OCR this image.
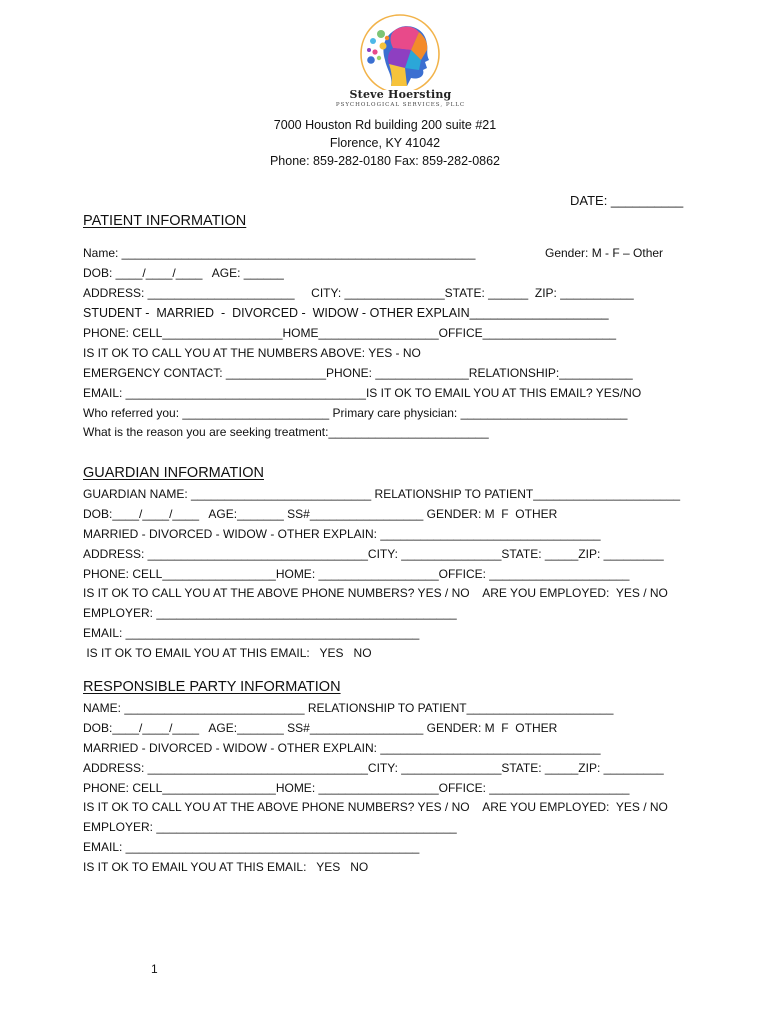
Steve Hoersting
PSYCHOLOGICAL SERVICES, PLLC
7000 Houston Rd building 200 suite #21
Florence, KY 41042
Phone: 859-282-0180 Fax: 859-282-0862
DATE: __________
PATIENT INFORMATION
Name: _____________________________________________________	Gender: M - F – Other
DOB: ____/____/____   AGE: ______
ADDRESS: ______________________     CITY: _______________STATE: ______  ZIP: ___________
STUDENT -  MARRIED  -  DIVORCED -  WIDOW - OTHER EXPLAIN____________________
PHONE: CELL__________________HOME__________________OFFICE____________________
IS IT OK TO CALL YOU AT THE NUMBERS ABOVE: YES - NO
EMERGENCY CONTACT: _______________PHONE: ______________RELATIONSHIP:___________
EMAIL: ____________________________________IS IT OK TO EMAIL YOU AT THIS EMAIL? YES/NO
Who referred you: ______________________ Primary care physician: _________________________
What is the reason you are seeking treatment:________________________
GUARDIAN INFORMATION
GUARDIAN NAME: ___________________________ RELATIONSHIP TO PATIENT______________________
DOB:____/____/____   AGE:_______ SS#_________________ GENDER: M  F  OTHER
MARRIED - DIVORCED - WIDOW - OTHER EXPLAIN: _________________________________
ADDRESS: _________________________________CITY: _______________STATE: _____ZIP: _________
PHONE: CELL_________________HOME: __________________OFFICE: _____________________
IS IT OK TO CALL YOU AT THE ABOVE PHONE NUMBERS? YES / NO    ARE YOU EMPLOYED:  YES / NO
EMPLOYER: _____________________________________________
EMAIL: ____________________________________________
IS IT OK TO EMAIL YOU AT THIS EMAIL:   YES   NO
RESPONSIBLE PARTY INFORMATION
NAME: ___________________________ RELATIONSHIP TO PATIENT______________________
DOB:____/____/____   AGE:_______ SS#_________________ GENDER: M  F  OTHER
MARRIED - DIVORCED - WIDOW - OTHER EXPLAIN: _________________________________
ADDRESS: _________________________________CITY: _______________STATE: _____ZIP: _________
PHONE: CELL_________________HOME: __________________OFFICE: _____________________
IS IT OK TO CALL YOU AT THE ABOVE PHONE NUMBERS? YES / NO    ARE YOU EMPLOYED:  YES / NO
EMPLOYER: _____________________________________________
EMAIL: ____________________________________________
IS IT OK TO EMAIL YOU AT THIS EMAIL:   YES   NO
1
